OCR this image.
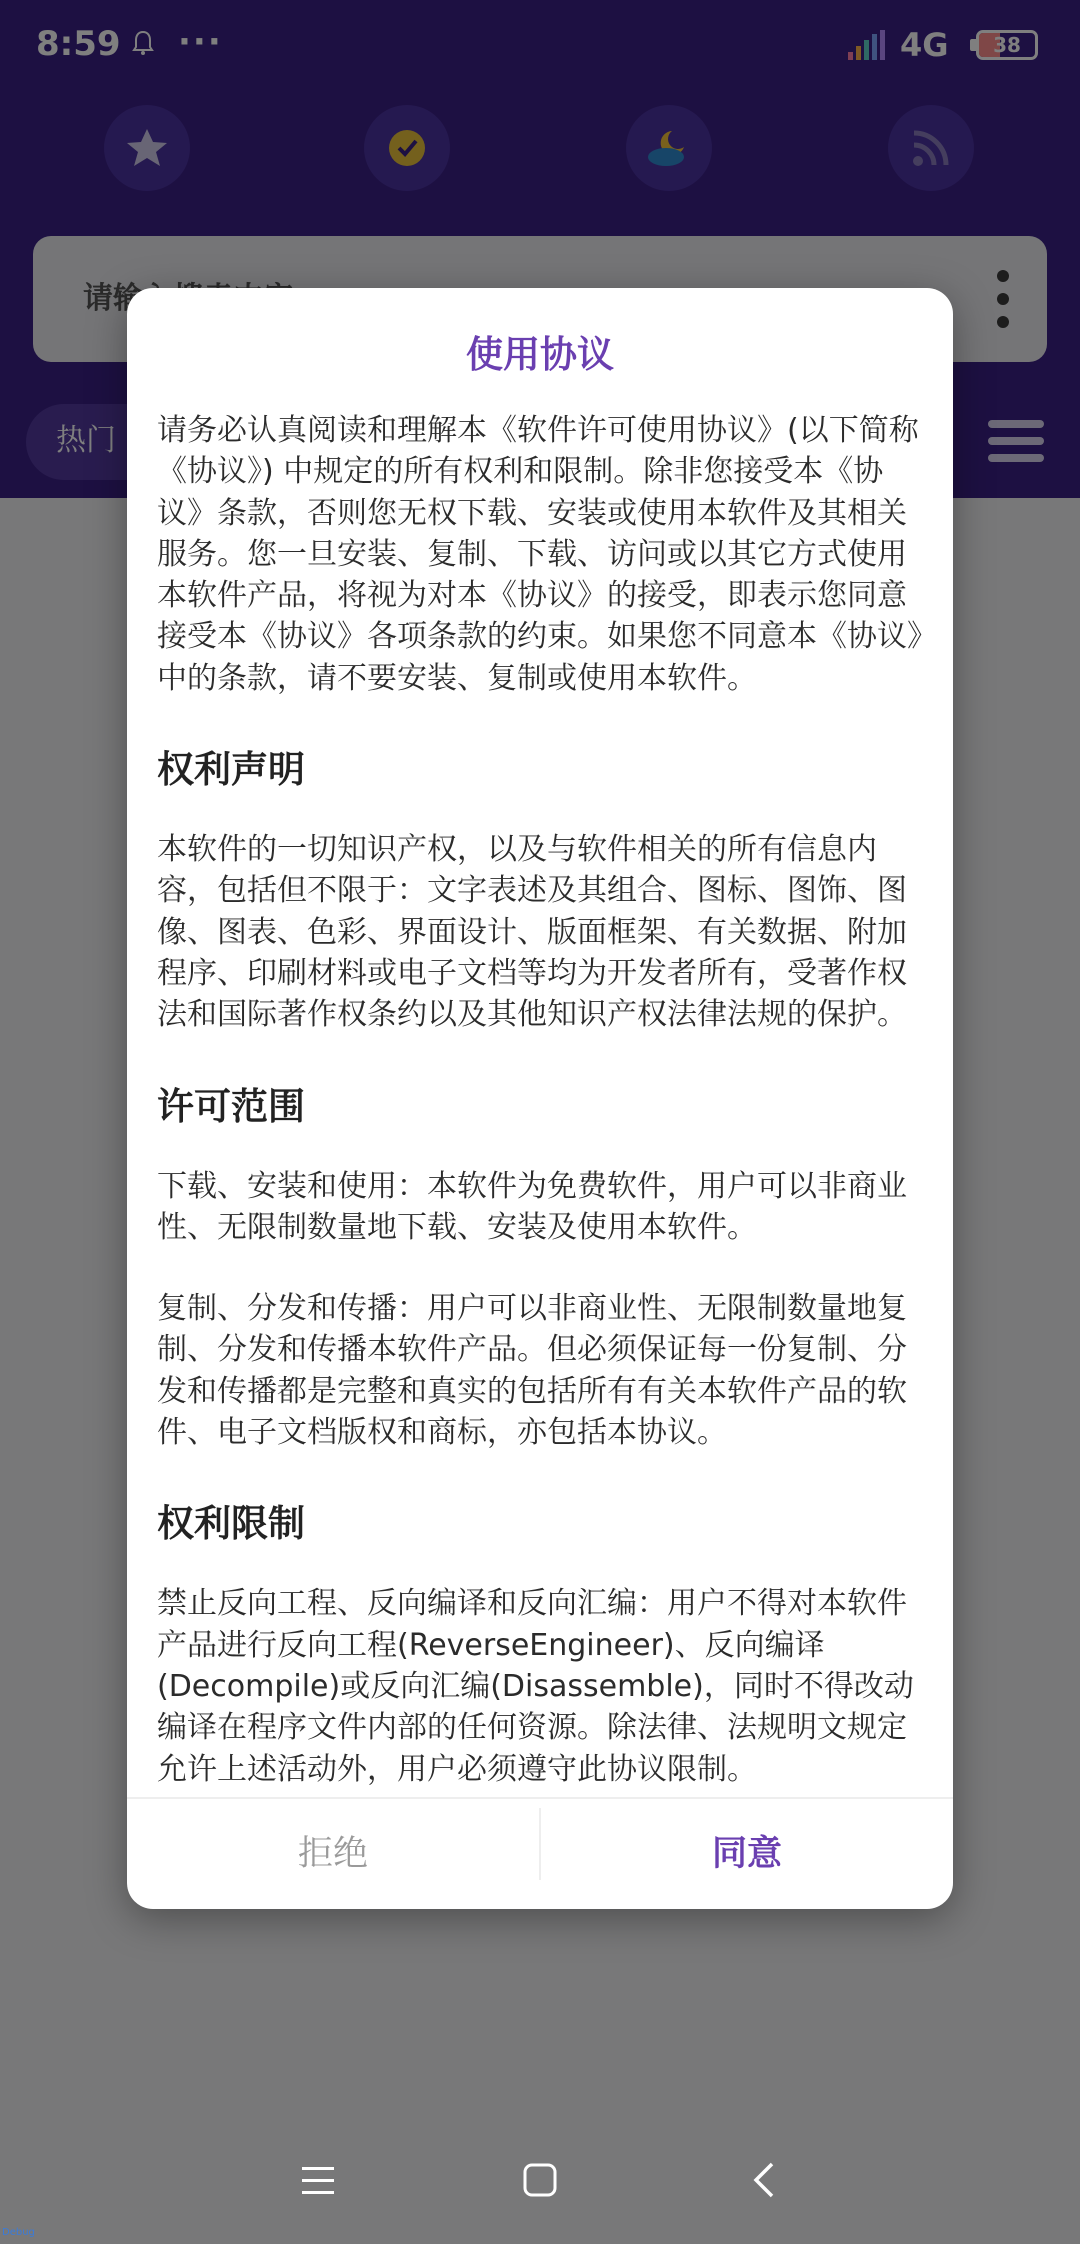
使用协议

请务必认真阅读和理解本《软件许可使用协议》(以下简称《协议》) 中规定的所有权利和限制。除非您接受本《协议》条款，否则您无权下载、安装或使用本软件及其相关服务。您一旦安装、复制、下载、访问或以其它方式使用本软件产品，将视为对本《协议》的接受，即表示您同意接受本《协议》各项条款的约束。如果您不同意本《协议》中的条款，请不要安装、复制或使用本软件。

权利声明

本软件的一切知识产权，以及与软件相关的所有信息内容，包括但不限于：文字表述及其组合、图标、图饰、图像、图表、色彩、界面设计、版面框架、有关数据、附加程序、印刷材料或电子文档等均为开发者所有，受著作权法和国际著作权条约以及其他知识产权法律法规的保护。

许可范围

下载、安装和使用：本软件为免费软件，用户可以非商业性、无限制数量地下载、安装及使用本软件。

复制、分发和传播：用户可以非商业性、无限制数量地复制、分发和传播本软件产品。但必须保证每一份复制、分发和传播都是完整和真实的包括所有有关本软件产品的软件、电子文档版权和商标，亦包括本协议。

权利限制

禁止反向工程、反向编译和反向汇编：用户不得对本软件产品进行反向工程(ReverseEngineer)、反向编译(Decompile)或反向汇编(Disassemble)，同时不得改动编译在程序文件内部的任何资源。除法律、法规明文规定允许上述活动外，用户必须遵守此协议限制。

拒绝	同意
Debug
